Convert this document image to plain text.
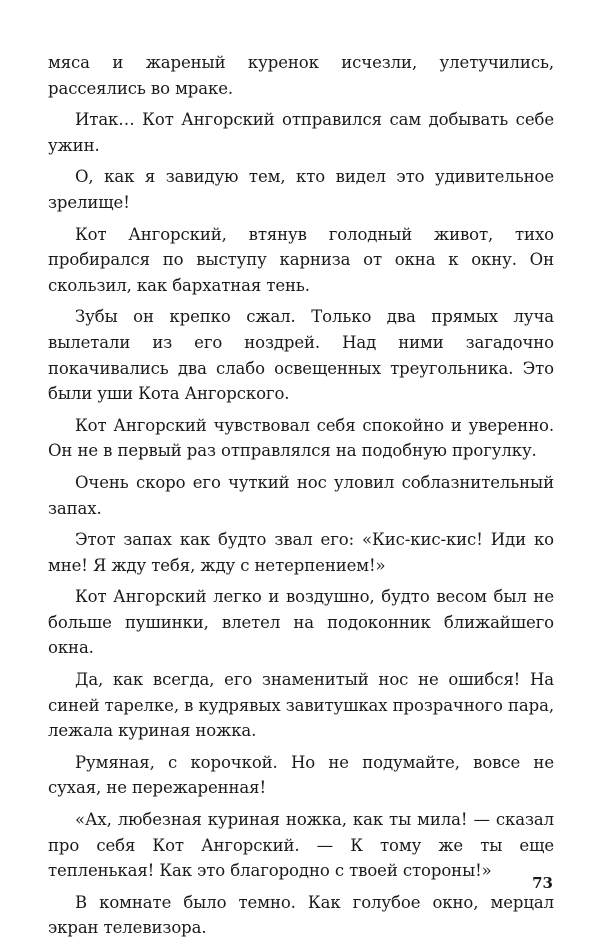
мяса и жареный куренок исчезли, улетучились, рассеялись во мраке.

Итак… Кот Ангорский отправился сам добывать себе ужин.

О, как я завидую тем, кто видел это удивительное зрелище!

Кот Ангорский, втянув голодный живот, тихо пробирался по выступу карниза от окна к окну. Он скользил, как бархатная тень.

Зубы он крепко сжал. Только два прямых луча вылетали из его ноздрей. Над ними загадочно покачивались два слабо освещенных треугольника. Это были уши Кота Ангорского.

Кот Ангорский чувствовал себя спокойно и уверенно. Он не в первый раз отправлялся на подобную прогулку.

Очень скоро его чуткий нос уловил соблазнительный запах.

Этот запах как будто звал его: «Кис-кис-кис! Иди ко мне! Я жду тебя, жду с нетерпением!»

Кот Ангорский легко и воздушно, будто весом был не больше пушинки, влетел на подоконник ближайшего окна.

Да, как всегда, его знаменитый нос не ошибся! На синей тарелке, в кудрявых завитушках прозрачного пара, лежала куриная ножка.

Румяная, с корочкой. Но не подумайте, вовсе не сухая, не пережаренная!

«Ах, любезная куриная ножка, как ты мила! — сказал про себя Кот Ангорский. — К тому же ты еще тепленькая! Как это благородно с твоей стороны!»

В комнате было темно. Как голубое окно, мерцал экран телевизора.

73
